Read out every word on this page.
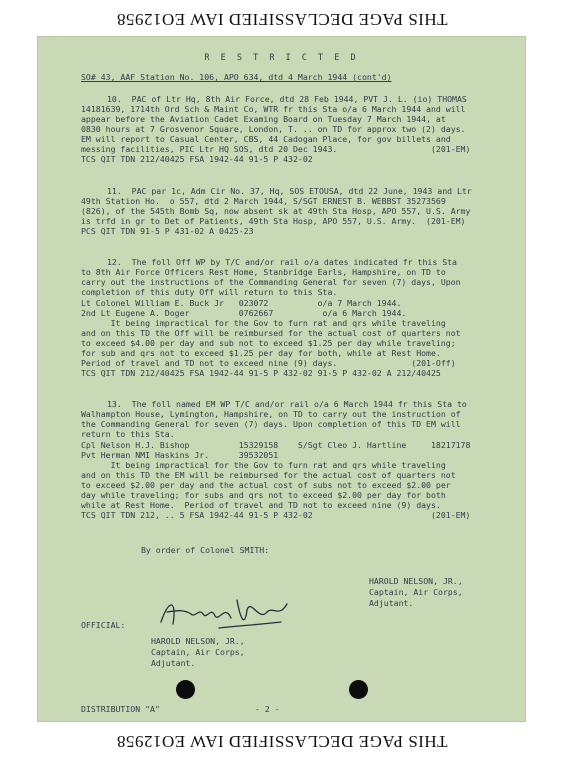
THIS PAGE DECLASSIFIED IAW EO12958
R E S T R I C T E D
SO# 43, AAF Station No. 106, APO 634, dtd 4 March 1944 (cont'd)
10.  PAC of Ltr Hq, 8th Air Force, dtd 28 Feb 1944, PVT J. L. (io) THOMAS
14181639, 1714th Ord Sch & Maint Co, WTR fr this Sta o/a 6 March 1944 and will
appear before the Aviation Cadet Examing Board on Tuesday 7 March 1944, at
0830 hours at 7 Grosvenor Square, London, T. .. on TD for approx two (2) days.
EM will report to Casual Center, CBS, 44 Cadogan Place, for gov billets and
messing facilities, PIC Ltr HQ SOS, dtd 20 Dec 1943.                   (201-EM)
TCS QIT TDN 212/40425 FSA 1942-44 91-5 P 432-02
11.  PAC par 1c, Adm Cir No. 37, Hq, SOS ETOUSA, dtd 22 June, 1943 and Ltr
49th Station Ho.  o 557, dtd 2 March 1944, S/SGT ERNEST B. WEBBST 35273569
(826), of the 545th Bomb Sq, now absent sk at 49th Sta Hosp, APO 557, U.S. Army
is trfd in gr to Det of Patients, 49th Sta Hosp, APO 557, U.S. Army.  (201-EM)
PCS QIT TDN 91-5 P 431-02 A 0425-23
12.  The foll Off WP by T/C and/or rail o/a dates indicated fr this Sta
to 8th Air Force Officers Rest Home, Stanbridge Earls, Hampshire, on TD to
carry out the instructions of the Commanding General for seven (7) days, Upon
completion of this duty Off will return to this Sta.
Lt Colonel William E. Buck Jr   023072          o/a 7 March 1944.
2nd Lt Eugene A. Doger          0762667          o/a 6 March 1944.
It being impractical for the Gov to furn rat and qrs while traveling
and on this TD the Off will be reimbursed for the actual cost of quarters not
to exceed $4.00 per day and sub not to exceed $1.25 per day while traveling;
for sub and qrs not to exceed $1.25 per day for both, while at Rest Home.
Period of travel and TD not to exceed nine (9) days.               (201-Off)
TCS QIT TDN 212/40425 FSA 1942-44 91-5 P 432-02 91-5 P 432-02 A 212/40425
13.  The foll named EM WP T/C and/or rail o/a 6 March 1944 fr this Sta to
Walhampton House, Lymington, Hampshire, on TD to carry out the instruction of
the Commanding General for seven (7) days. Upon completion of this TD EM will
return to this Sta.
Cpl Nelson H.J. Bishop          15329158    S/Sgt Cleo J. Hartline     18217178
Pvt Herman NMI Haskins Jr.      39532051
It being impractical for the Gov to furn rat and qrs while traveling
and on this TD the EM will be reimbursed for the actual cost of quarters not
to exceed $2.00 per day and the actual cost of subs not to exceed $2.00 per
day while traveling; for subs and qrs not to exceed $2.00 per day for both
while at Rest Home.  Period of travel and TD not to exceed nine (9) days.
TCS QIT TDN 212, .. 5 FSA 1942-44 91-5 P 432-02                        (201-EM)
By order of Colonel SMITH:
HAROLD NELSON, JR.,
Captain, Air Corps,
Adjutant.
OFFICIAL:
HAROLD NELSON, JR.,
Captain, Air Corps,
Adjutant.
DISTRIBUTION "A"	- 2 -
THIS PAGE DECLASSIFIED IAW EO12958
